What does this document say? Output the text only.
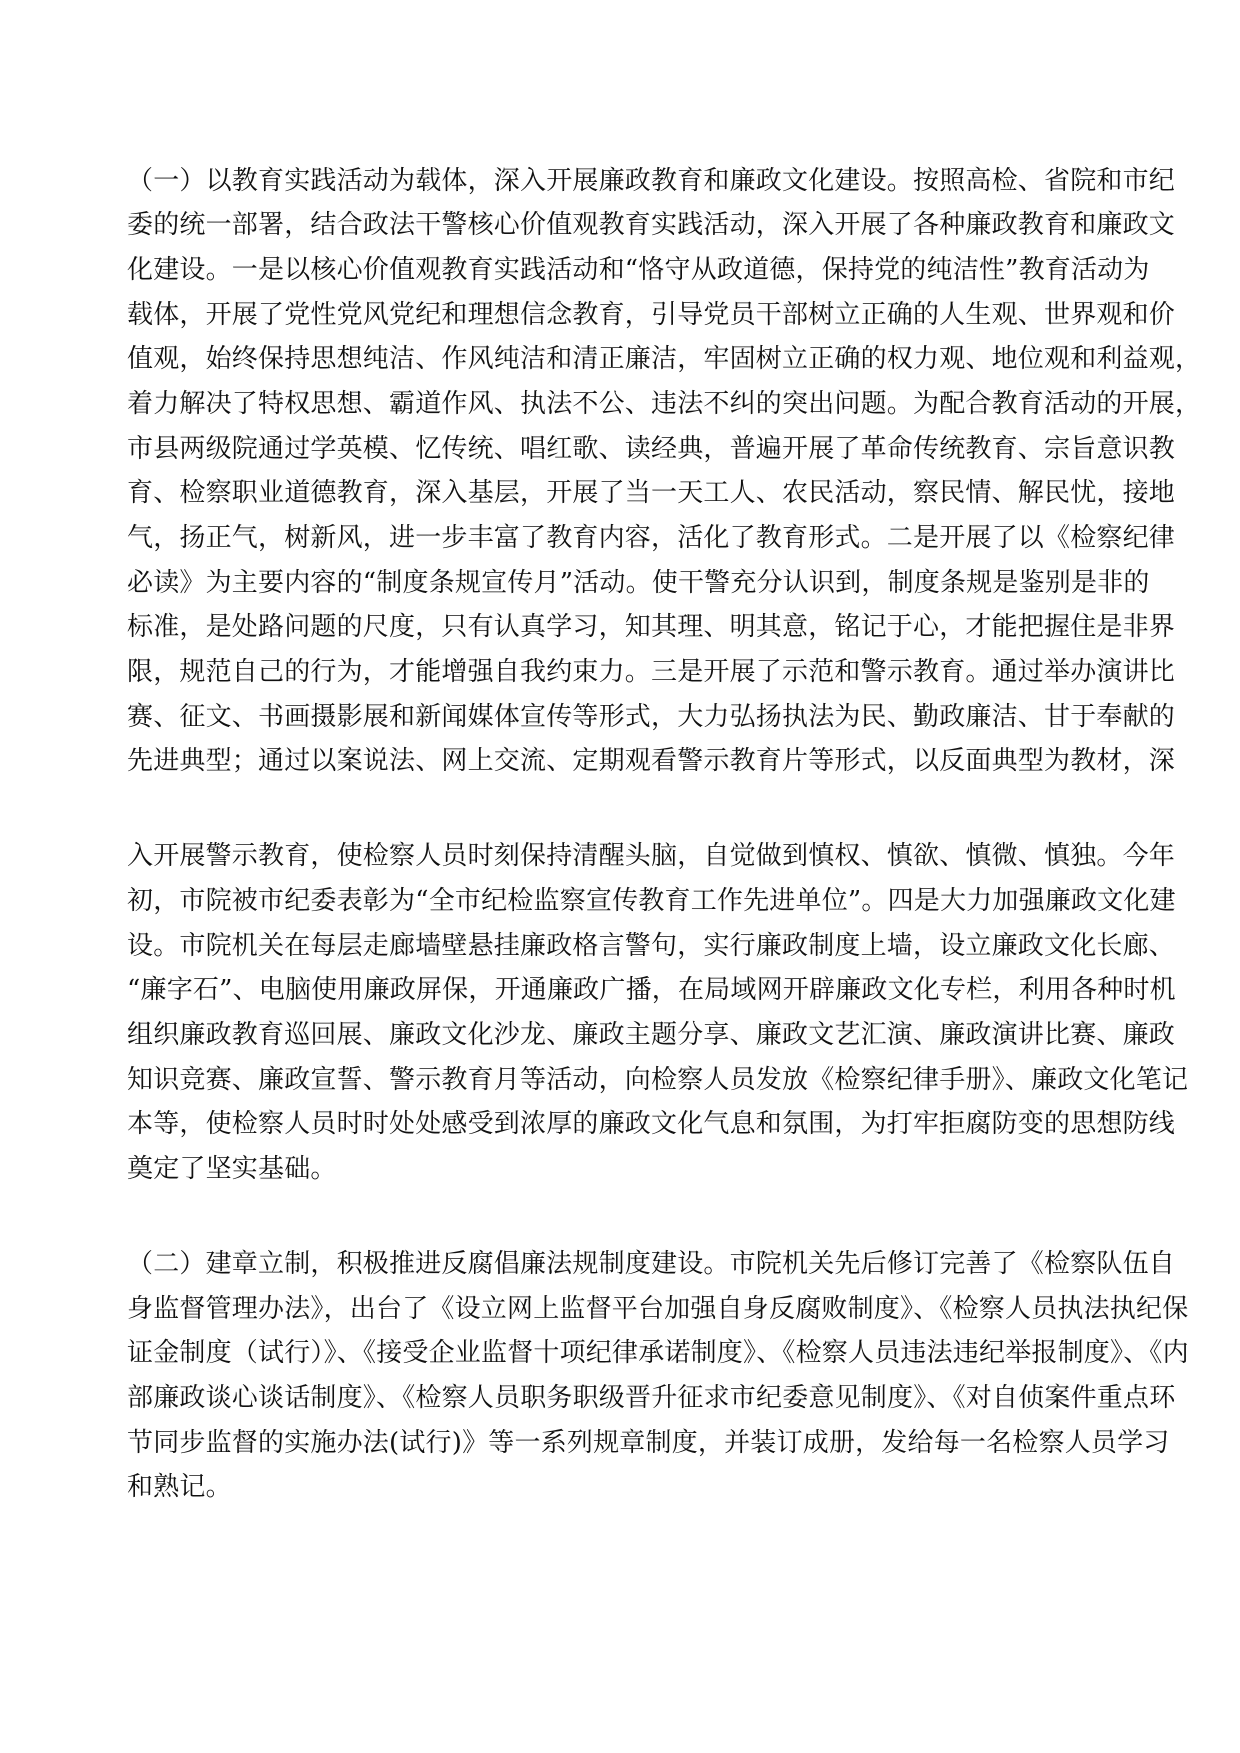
（一）以教育实践活动为载体，深入开展廉政教育和廉政文化建设。按照高检、省院和市纪
委的统一部署，结合政法干警核心价值观教育实践活动，深入开展了各种廉政教育和廉政文
化建设。一是以核心价值观教育实践活动和“恪守从政道德，保持党的纯洁性”教育活动为
载体，开展了党性党风党纪和理想信念教育，引导党员干部树立正确的人生观、世界观和价
值观，始终保持思想纯洁、作风纯洁和清正廉洁，牢固树立正确的权力观、地位观和利益观，
着力解决了特权思想、霸道作风、执法不公、违法不纠的突出问题。为配合教育活动的开展，
市县两级院通过学英模、忆传统、唱红歌、读经典，普遍开展了革命传统教育、宗旨意识教
育、检察职业道德教育，深入基层，开展了当一天工人、农民活动，察民情、解民忧，接地
气，扬正气，树新风，进一步丰富了教育内容，活化了教育形式。二是开展了以《检察纪律
必读》为主要内容的“制度条规宣传月”活动。使干警充分认识到，制度条规是鉴别是非的
标准，是处路问题的尺度，只有认真学习，知其理、明其意，铭记于心，才能把握住是非界
限，规范自己的行为，才能增强自我约束力。三是开展了示范和警示教育。通过举办演讲比
赛、征文、书画摄影展和新闻媒体宣传等形式，大力弘扬执法为民、勤政廉洁、甘于奉献的
先进典型；通过以案说法、网上交流、定期观看警示教育片等形式，以反面典型为教材，深
入开展警示教育，使检察人员时刻保持清醒头脑，自觉做到慎权、慎欲、慎微、慎独。今年
初，市院被市纪委表彰为“全市纪检监察宣传教育工作先进单位”。四是大力加强廉政文化建
设。市院机关在每层走廊墙壁悬挂廉政格言警句，实行廉政制度上墙，设立廉政文化长廊、
“廉字石”、电脑使用廉政屏保，开通廉政广播，在局域网开辟廉政文化专栏，利用各种时机
组织廉政教育巡回展、廉政文化沙龙、廉政主题分享、廉政文艺汇演、廉政演讲比赛、廉政
知识竞赛、廉政宣誓、警示教育月等活动，向检察人员发放《检察纪律手册》、廉政文化笔记
本等，使检察人员时时处处感受到浓厚的廉政文化气息和氛围，为打牢拒腐防变的思想防线
奠定了坚实基础。
（二）建章立制，积极推进反腐倡廉法规制度建设。市院机关先后修订完善了《检察队伍自
身监督管理办法》，出台了《设立网上监督平台加强自身反腐败制度》、《检察人员执法执纪保
证金制度（试行）》、《接受企业监督十项纪律承诺制度》、《检察人员违法违纪举报制度》、《内
部廉政谈心谈话制度》、《检察人员职务职级晋升征求市纪委意见制度》、《对自侦案件重点环
节同步监督的实施办法(试行)》等一系列规章制度，并装订成册，发给每一名检察人员学习
和熟记。
